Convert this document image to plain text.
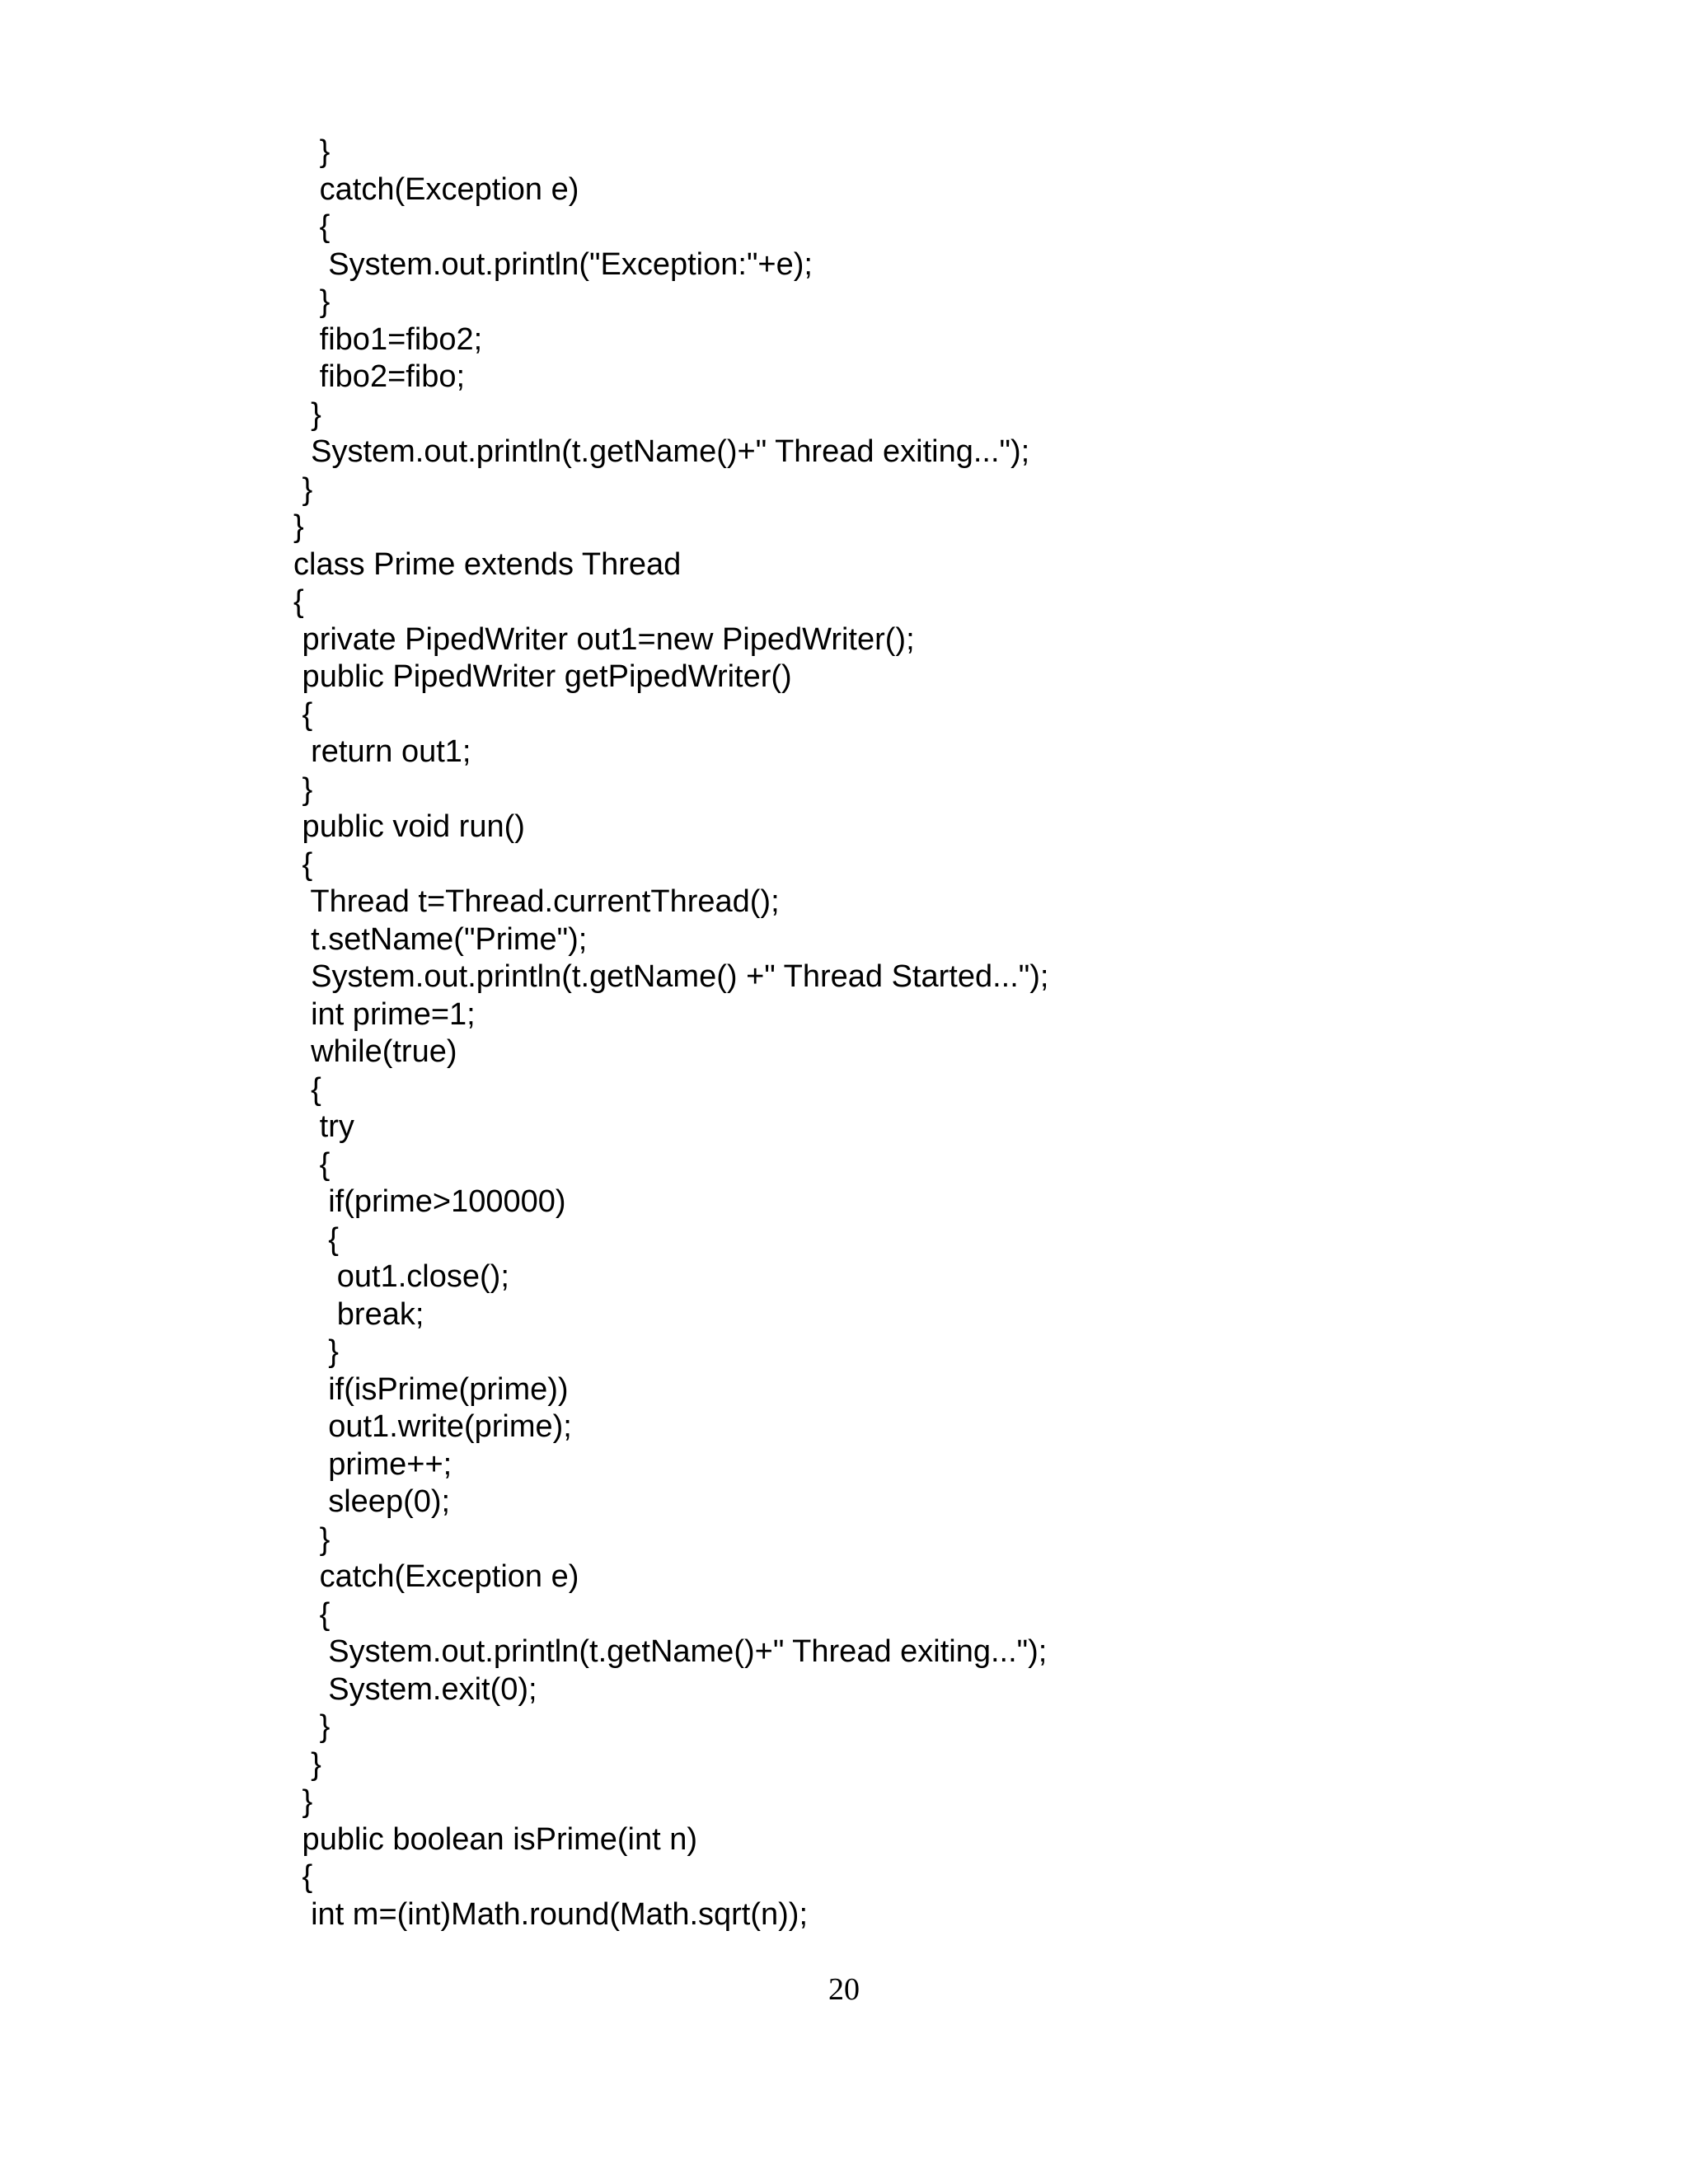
}
catch(Exception e)
{
System.out.println("Exception:"+e);
}
fibo1=fibo2;
fibo2=fibo;
}
System.out.println(t.getName()+" Thread exiting...");
}
}
class Prime extends Thread
{
private PipedWriter out1=new PipedWriter();
public PipedWriter getPipedWriter()
{
return out1;
}
public void run()
{
Thread t=Thread.currentThread();
t.setName("Prime");
System.out.println(t.getName() +" Thread Started...");
int prime=1;
while(true)
{
try
{
if(prime>100000)
{
out1.close();
break;
}
if(isPrime(prime))
out1.write(prime);
prime++;
sleep(0);
}
catch(Exception e)
{
System.out.println(t.getName()+" Thread exiting...");
System.exit(0);
}
}
}
public boolean isPrime(int n)
{
int m=(int)Math.round(Math.sqrt(n));
20
